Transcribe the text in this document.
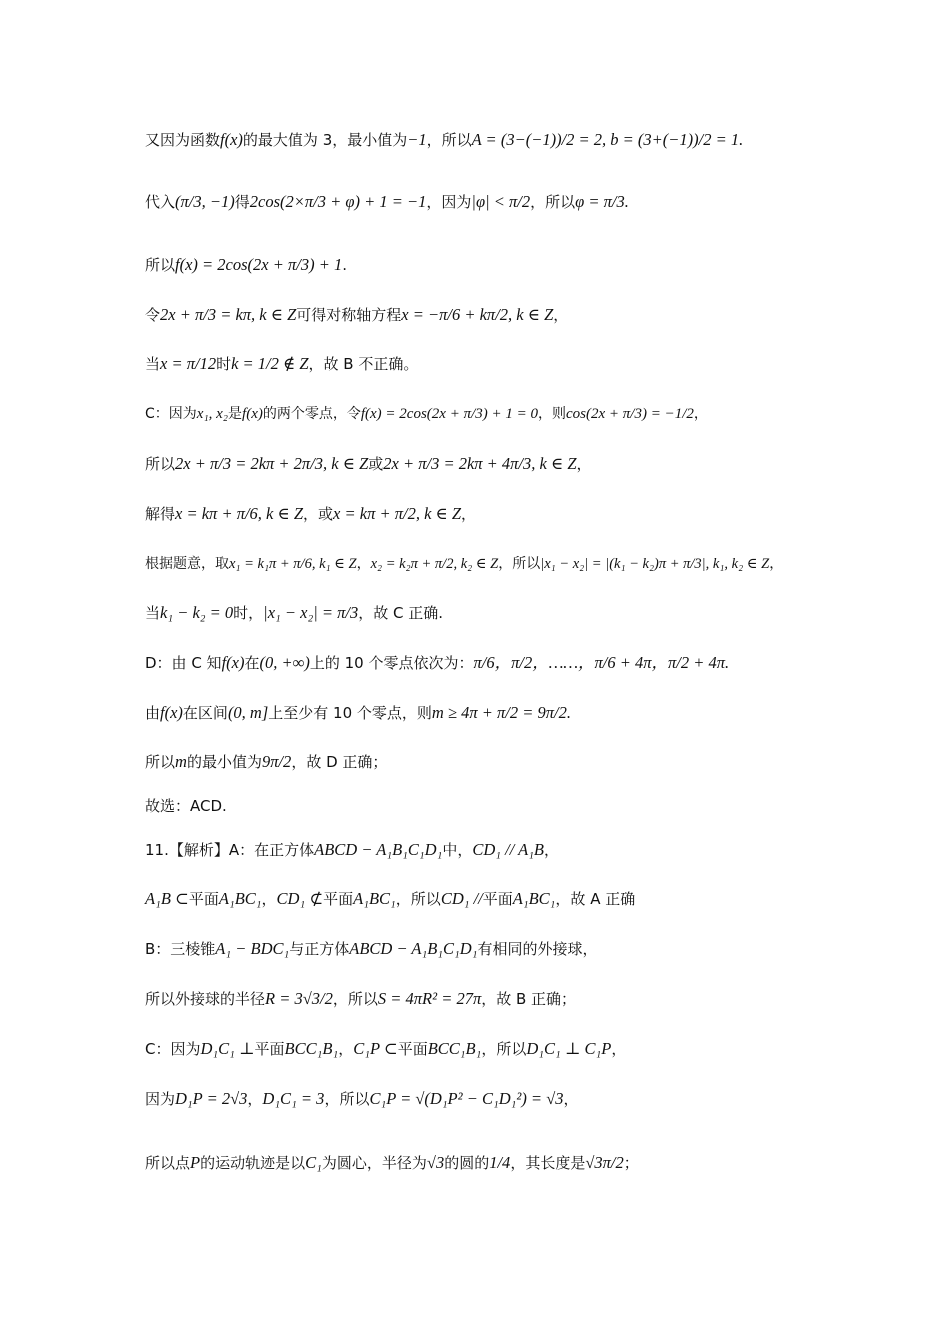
又因为函数 f(x) 的最大值为 3，最小值为 −1 ，所以 A = (3−(−1))/2 = 2, b = (3+(−1))/2 = 1.
代入 (π/3, −1) 得 2cos(2×π/3 + φ) + 1 = −1 ，因为 |φ| < π/2 ，所以 φ = π/3.
所以 f(x) = 2cos(2x + π/3) + 1 .
令 2x + π/3 = kπ, k ∈ Z 可得对称轴方程 x = −π/6 + kπ/2, k ∈ Z ，
当 x = π/12 时 k = 1/2 ∉ Z ，故 B 不正确。
C：因为 x₁, x₂ 是 f(x) 的两个零点，令 f(x) = 2cos(2x + π/3) + 1 = 0 ，则 cos(2x + π/3) = −1/2 ，
所以 2x + π/3 = 2kπ + 2π/3, k ∈ Z 或 2x + π/3 = 2kπ + 4π/3, k ∈ Z ，
解得 x = kπ + π/6, k ∈ Z ，或 x = kπ + π/2, k ∈ Z ，
根据题意，取 x₁ = k₁π + π/6, k₁ ∈ Z ， x₂ = k₂π + π/2, k₂ ∈ Z ，所以 |x₁ − x₂| = |(k₁ − k₂)π + π/3|, k₁, k₂ ∈ Z ，
当 k₁ − k₂ = 0 时， |x₁ − x₂| = π/3 ，故 C 正确.
D：由 C 知 f(x) 在 (0, +∞) 上的 10 个零点依次为： π/6，π/2，……，π/6 + 4π，π/2 + 4π.
由 f(x) 在区间 (0, m] 上至少有 10 个零点，则 m ≥ 4π + π/2 = 9π/2.
所以 m 的最小值为 9π/2 ，故 D 正确；
故选：ACD.
11.【解析】A：在正方体 ABCD − A₁B₁C₁D₁ 中， CD₁ // A₁B ，
A₁B ⊂ 平面 A₁BC₁ ， CD₁ ⊄ 平面 A₁BC₁ ，所以 CD₁ // 平面 A₁BC₁ ，故 A 正确
B：三棱锥 A₁ − BDC₁ 与正方体 ABCD − A₁B₁C₁D₁ 有相同的外接球，
所以外接球的半径 R = 3√3/2 ，所以 S = 4πR² = 27π ，故 B 正确；
C：因为 D₁C₁ ⊥ 平面 BCC₁B₁ ， C₁P ⊂ 平面 BCC₁B₁ ，所以 D₁C₁ ⊥ C₁P ，
因为 D₁P = 2√3 ， D₁C₁ = 3 ，所以 C₁P = √(D₁P² − C₁D₁²) = √3 ，
所以点 P 的运动轨迹是以 C₁ 为圆心，半径为 √3 的圆的 1/4 ，其长度是 √3π/2 ；
